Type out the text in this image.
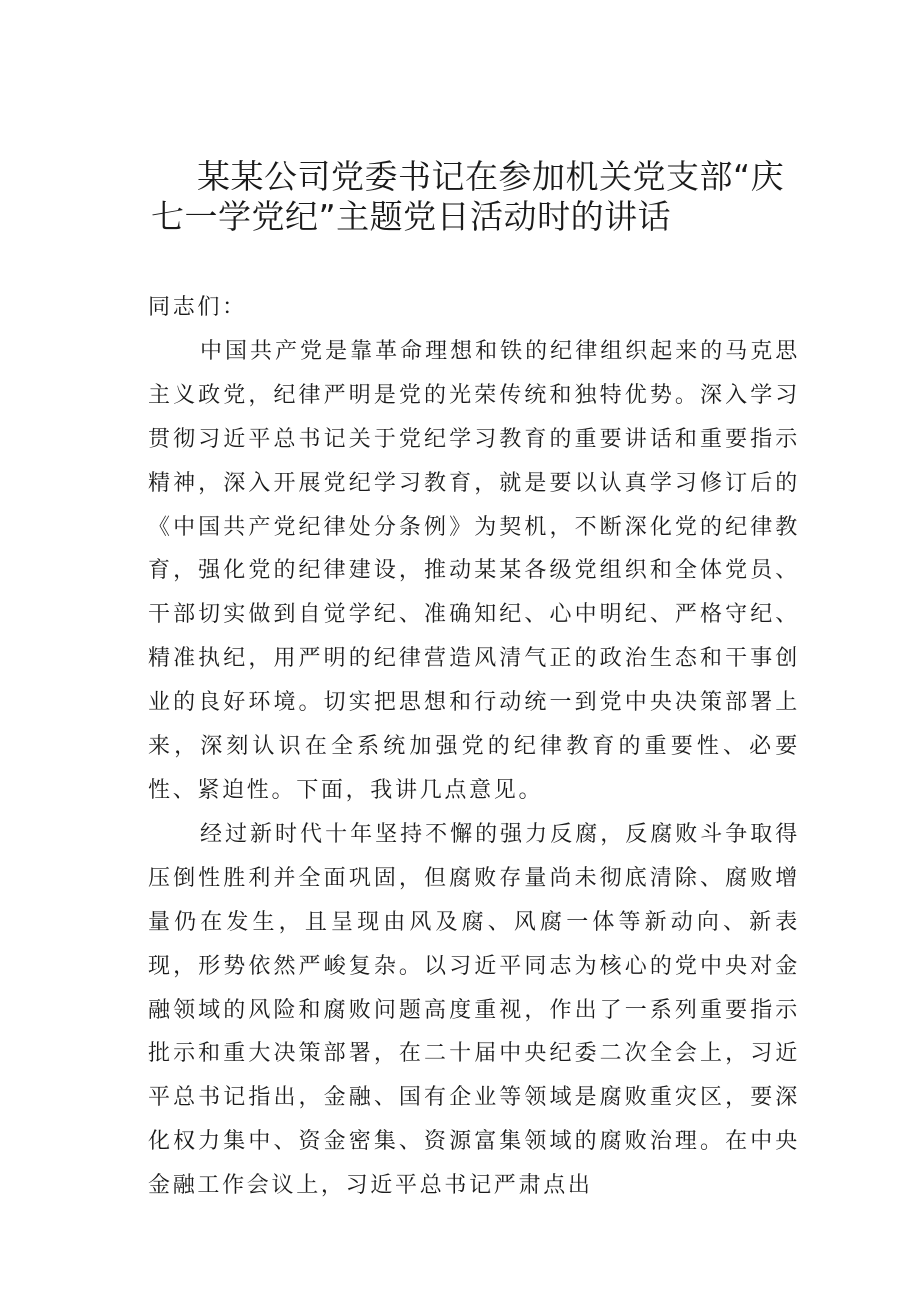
某某公司党委书记在参加机关党支部“庆七一学党纪”主题党日活动时的讲话

同志们：

中国共产党是靠革命理想和铁的纪律组织起来的马克思主义政党，纪律严明是党的光荣传统和独特优势。深入学习贯彻习近平总书记关于党纪学习教育的重要讲话和重要指示精神，深入开展党纪学习教育，就是要以认真学习修订后的《中国共产党纪律处分条例》为契机，不断深化党的纪律教育，强化党的纪律建设，推动某某各级党组织和全体党员、干部切实做到自觉学纪、准确知纪、心中明纪、严格守纪、精准执纪，用严明的纪律营造风清气正的政治生态和干事创业的良好环境。切实把思想和行动统一到党中央决策部署上来，深刻认识在全系统加强党的纪律教育的重要性、必要性、紧迫性。下面，我讲几点意见。

经过新时代十年坚持不懈的强力反腐，反腐败斗争取得压倒性胜利并全面巩固，但腐败存量尚未彻底清除、腐败增量仍在发生，且呈现由风及腐、风腐一体等新动向、新表现，形势依然严峻复杂。以习近平同志为核心的党中央对金融领域的风险和腐败问题高度重视，作出了一系列重要指示批示和重大决策部署，在二十届中央纪委二次全会上，习近平总书记指出，金融、国有企业等领域是腐败重灾区，要深化权力集中、资金密集、资源富集领域的腐败治理。在中央金融工作会议上，习近平总书记严肃点出
